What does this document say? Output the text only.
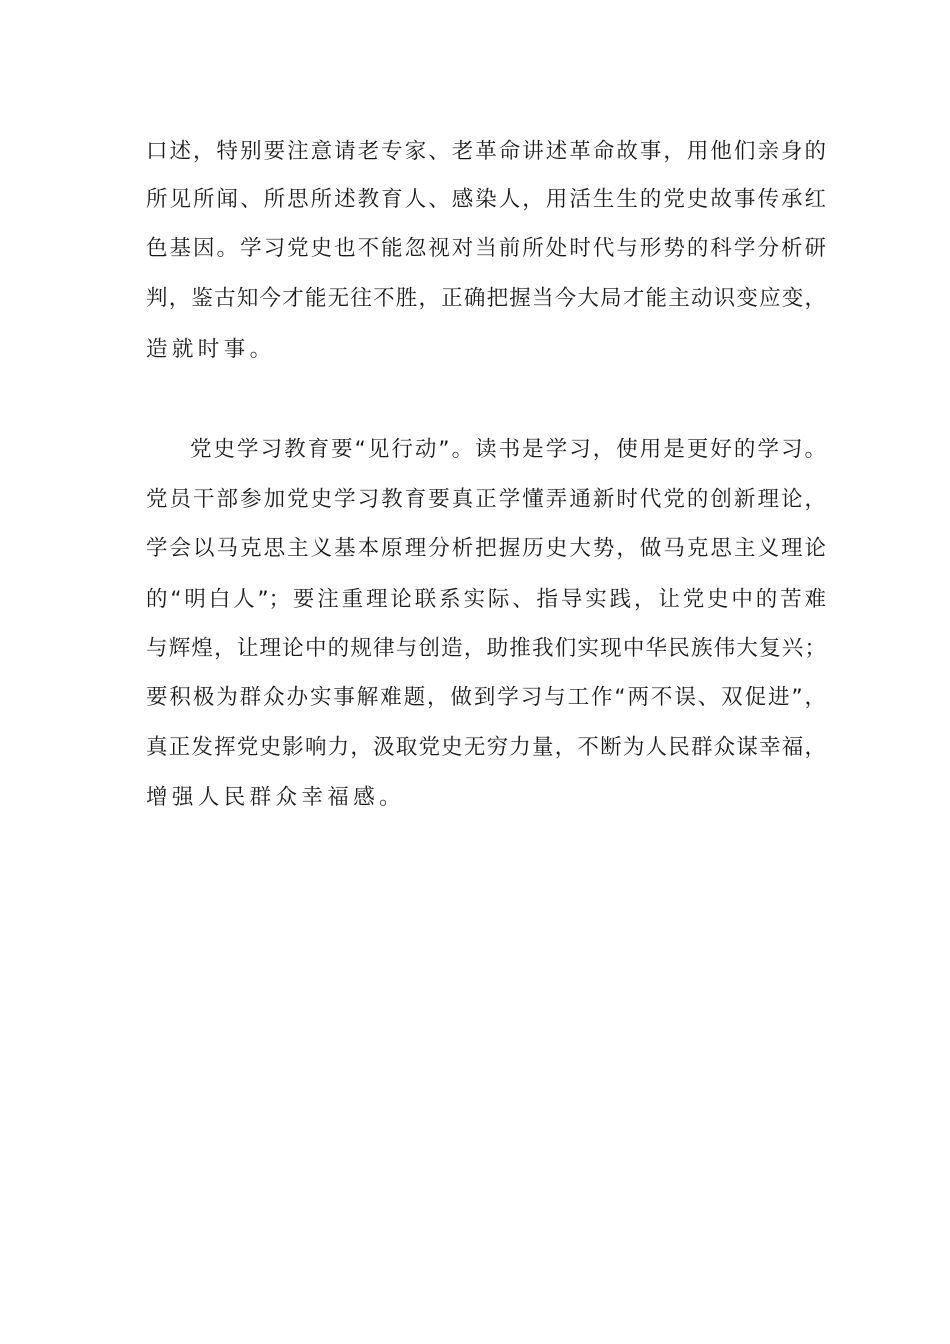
口述，特别要注意请老专家、老革命讲述革命故事，用他们亲身的
所见所闻、所思所述教育人、感染人，用活生生的党史故事传承红
色基因。学习党史也不能忽视对当前所处时代与形势的科学分析研
判，鉴古知今才能无往不胜，正确把握当今大局才能主动识变应变，
造就时事。
党史学习教育要“见行动”。读书是学习，使用是更好的学习。
党员干部参加党史学习教育要真正学懂弄通新时代党的创新理论，
学会以马克思主义基本原理分析把握历史大势，做马克思主义理论
的“明白人”；要注重理论联系实际、指导实践，让党史中的苦难
与辉煌，让理论中的规律与创造，助推我们实现中华民族伟大复兴；
要积极为群众办实事解难题，做到学习与工作“两不误、双促进”，
真正发挥党史影响力，汲取党史无穷力量，不断为人民群众谋幸福，
增强人民群众幸福感。
